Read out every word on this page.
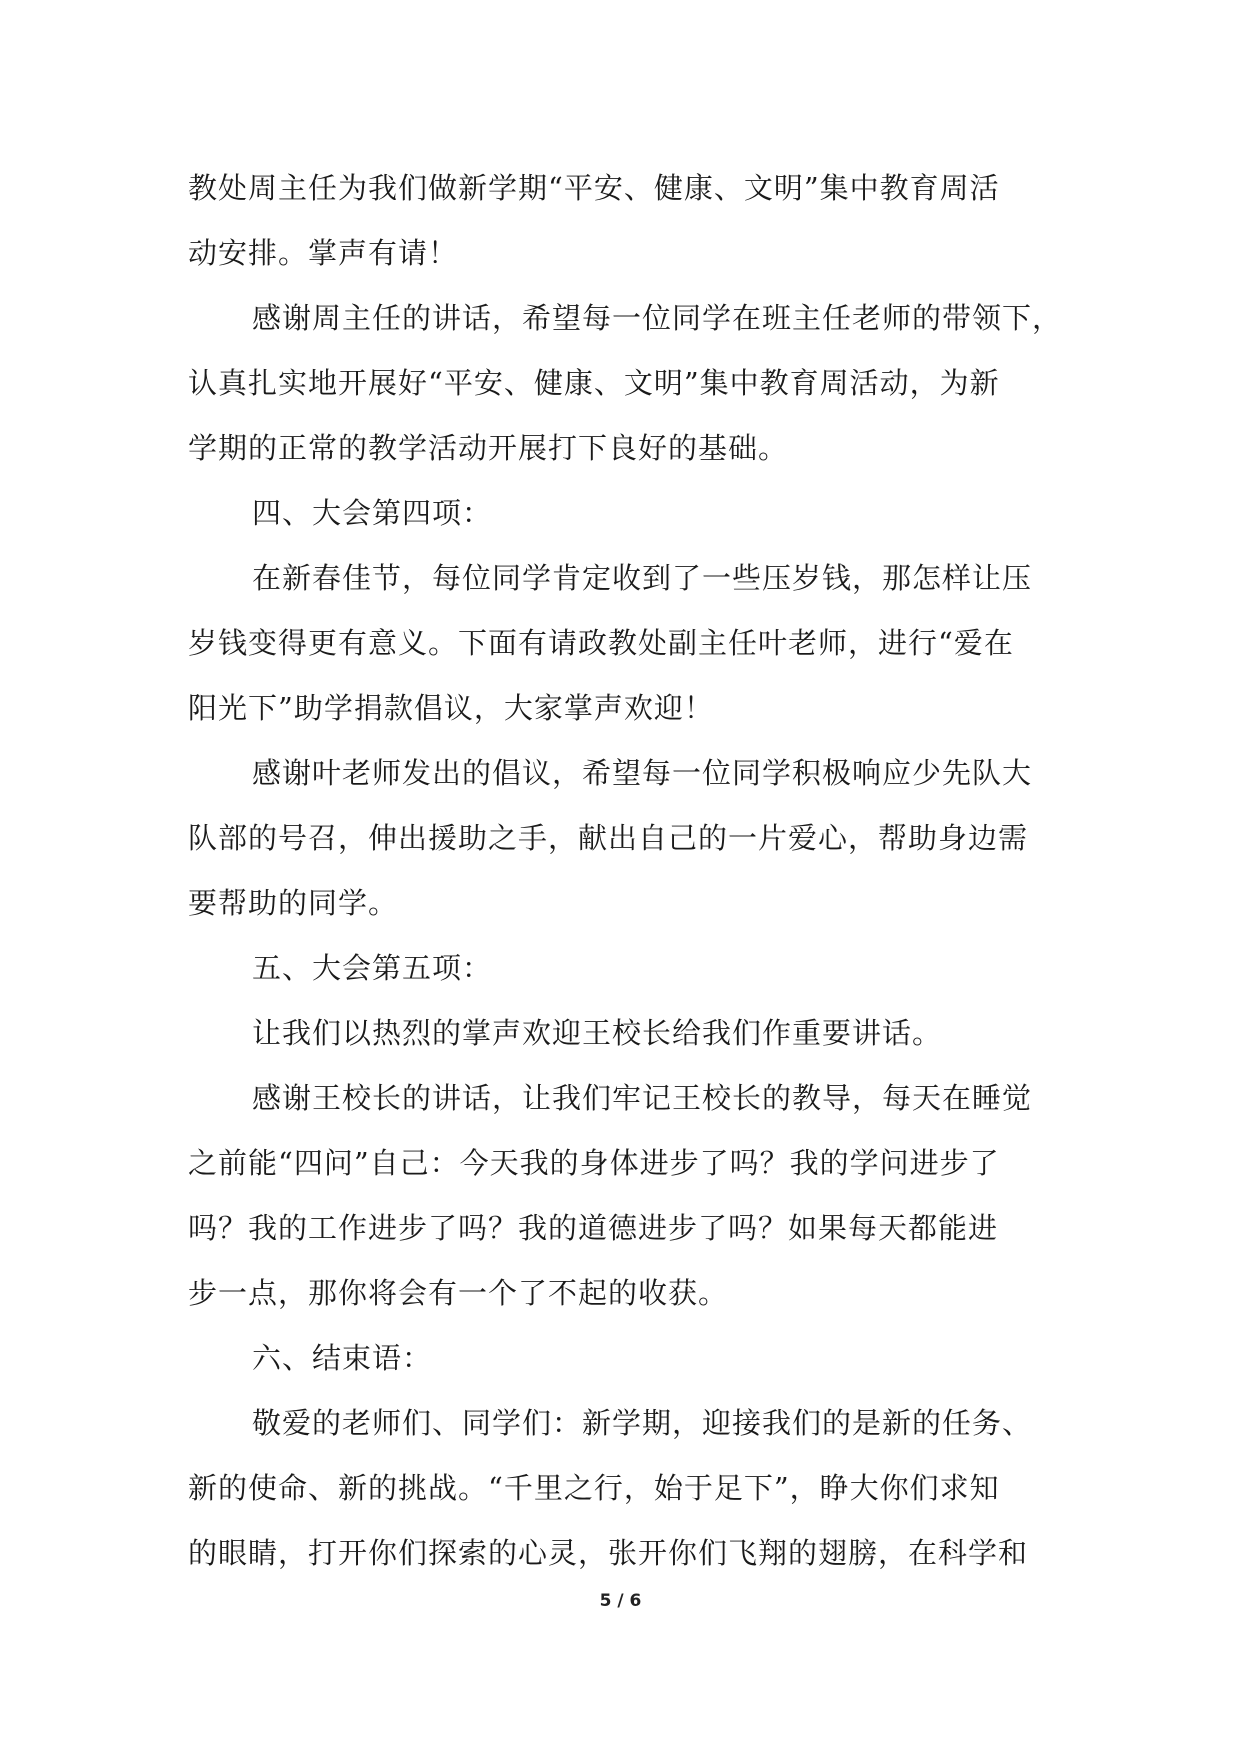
教处周主任为我们做新学期“平安、健康、文明”集中教育周活
动安排。掌声有请！
感谢周主任的讲话，希望每一位同学在班主任老师的带领下，
认真扎实地开展好“平安、健康、文明”集中教育周活动，为新
学期的正常的教学活动开展打下良好的基础。
四、大会第四项：
在新春佳节，每位同学肯定收到了一些压岁钱，那怎样让压
岁钱变得更有意义。下面有请政教处副主任叶老师，进行“爱在
阳光下”助学捐款倡议，大家掌声欢迎！
感谢叶老师发出的倡议，希望每一位同学积极响应少先队大
队部的号召，伸出援助之手，献出自己的一片爱心，帮助身边需
要帮助的同学。
五、大会第五项：
让我们以热烈的掌声欢迎王校长给我们作重要讲话。
感谢王校长的讲话，让我们牢记王校长的教导，每天在睡觉
之前能“四问”自己：今天我的身体进步了吗？我的学问进步了
吗？我的工作进步了吗？我的道德进步了吗？如果每天都能进
步一点，那你将会有一个了不起的收获。
六、结束语：
敬爱的老师们、同学们：新学期，迎接我们的是新的任务、
新的使命、新的挑战。“千里之行，始于足下”，睁大你们求知
的眼睛，打开你们探索的心灵，张开你们飞翔的翅膀，在科学和
5 / 6
